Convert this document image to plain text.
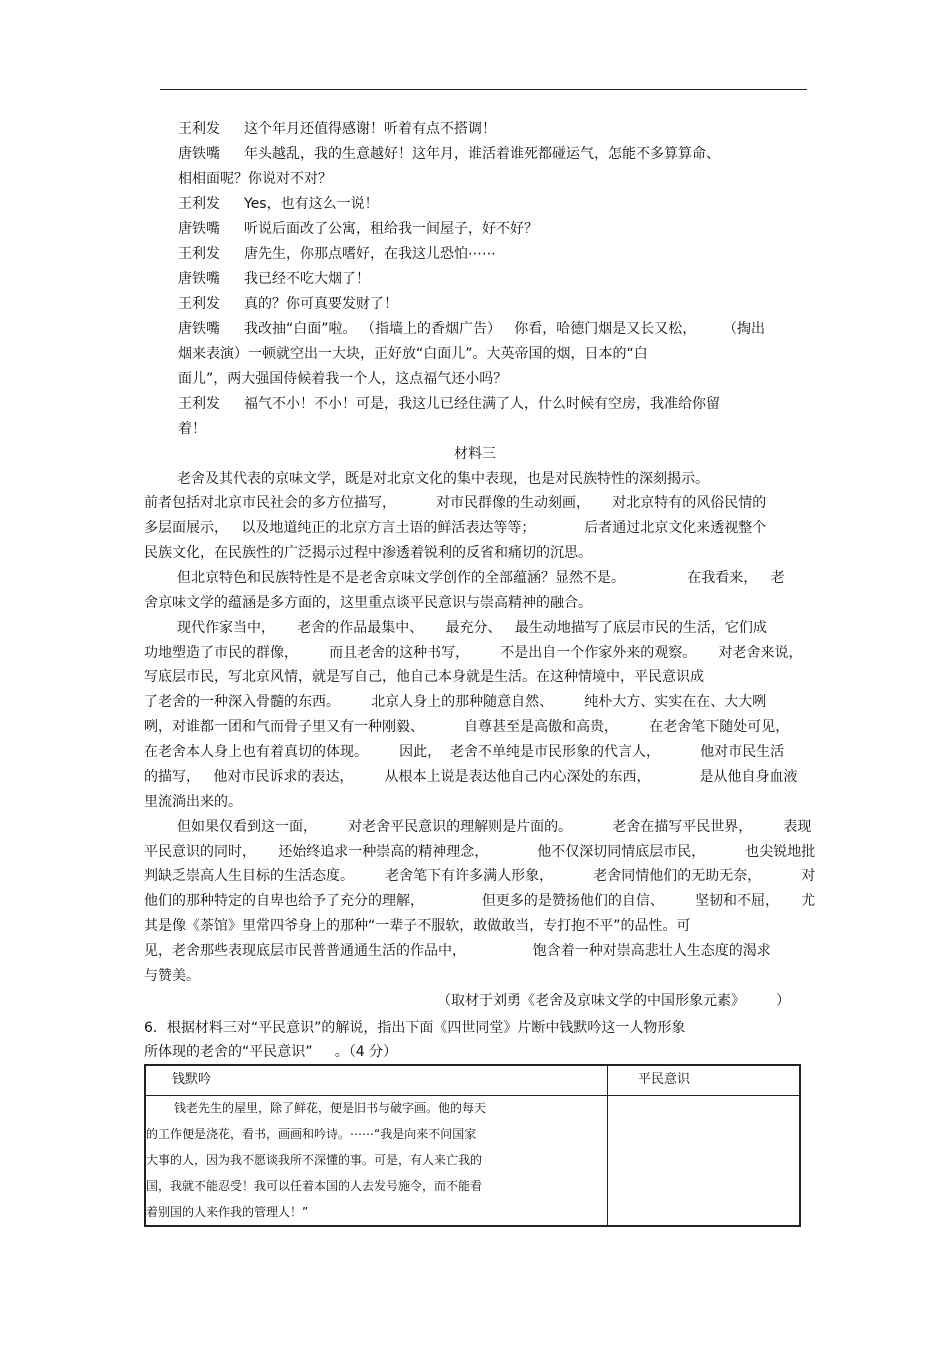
王利发 这个年月还值得感谢！听着有点不搭调！
唐铁嘴 年头越乱，我的生意越好！这年月，谁活着谁死都碰运气，怎能不多算算命、
相相面呢？你说对不对？
王利发 Yes，也有这么一说！
唐铁嘴 听说后面改了公寓，租给我一间屋子，好不好？
王利发 唐先生，你那点嗜好，在我这儿恐怕⋯⋯
唐铁嘴 我已经不吃大烟了！
王利发 真的？你可真要发财了！
唐铁嘴 我改抽“白面”啦。 （指墙上的香烟广告）   你看，哈德门烟是又长又松，      （掏出
烟来表演）一顿就空出一大块，正好放“白面儿”。大英帝国的烟，日本的“白
面儿”，两大强国侍候着我一个人，这点福气还小吗？
王利发 福气不小！不小！可是，我这儿已经住满了人，什么时候有空房，我准给你留
着！
材料三
老舍及其代表的京味文学，既是对北京文化的集中表现，也是对民族特性的深刻揭示。
前者包括对北京市民社会的多方位描写，         对市民群像的生动刻画，     对北京特有的风俗民情的
多层面展示，   以及地道纯正的北京方言土语的鲜活表达等等；           后者通过北京文化来透视整个
民族文化，在民族性的广泛揭示过程中渗透着锐利的反省和痛切的沉思。
但北京特色和民族特性是不是老舍京味文学创作的全部蕴涵？显然不是。              在我看来，   老
舍京味文学的蕴涵是多方面的，这里重点谈平民意识与崇高精神的融合。
现代作家当中，     老舍的作品最集中、     最充分、   最生动地描写了底层市民的生活，它们成
功地塑造了市民的群像，       而且老舍的这种书写，       不是出自一个作家外来的观察。     对老舍来说，
写底层市民，写北京风情，就是写自己，他自己本身就是生活。在这种情境中，平民意识成
了老舍的一种深入骨髓的东西。       北京人身上的那种随意自然、       纯朴大方、实实在在、大大咧
咧，对谁都一团和气而骨子里又有一种刚毅、         自尊甚至是高傲和高贵，       在老舍笔下随处可见，
在老舍本人身上也有着真切的体现。       因此，  老舍不单纯是市民形象的代言人，         他对市民生活
的描写，   他对市民诉求的表达，       从根本上说是表达他自己内心深处的东西，           是从他自身血液
里流淌出来的。
但如果仅看到这一面，       对老舍平民意识的理解则是片面的。         老舍在描写平民世界，       表现
平民意识的同时，     还始终追求一种崇高的精神理念，           他不仅深切同情底层市民，         也尖锐地批
判缺乏崇高人生目标的生活态度。       老舍笔下有许多满人形象，         老舍同情他们的无助无奈，         对
他们的那种特定的自卑也给予了充分的理解，             但更多的是赞扬他们的自信、       坚韧和不屈，     尤
其是像《茶馆》里常四爷身上的那种“一辈子不服软，敢做敢当，专打抱不平”的品性。可
见，老舍那些表现底层市民普普通通生活的作品中，               饱含着一种对崇高悲壮人生态度的渴求
与赞美。
（取材于刘勇《老舍及京味文学的中国形象元素》       ）
6．根据材料三对“平民意识”的解说，指出下面《四世同堂》片断中钱默吟这一人物形象
所体现的老舍的“平民意识”     。（4 分）
钱默吟	平民意识
钱老先生的屋里，除了鲜花，便是旧书与破字画。他的每天
的工作便是浇花，看书，画画和吟诗。⋯⋯“我是向来不问国家
大事的人，因为我不愿谈我所不深懂的事。可是，有人来亡我的
国，我就不能忍受！我可以任着本国的人去发号施令，而不能看
着别国的人来作我的管理人！”
